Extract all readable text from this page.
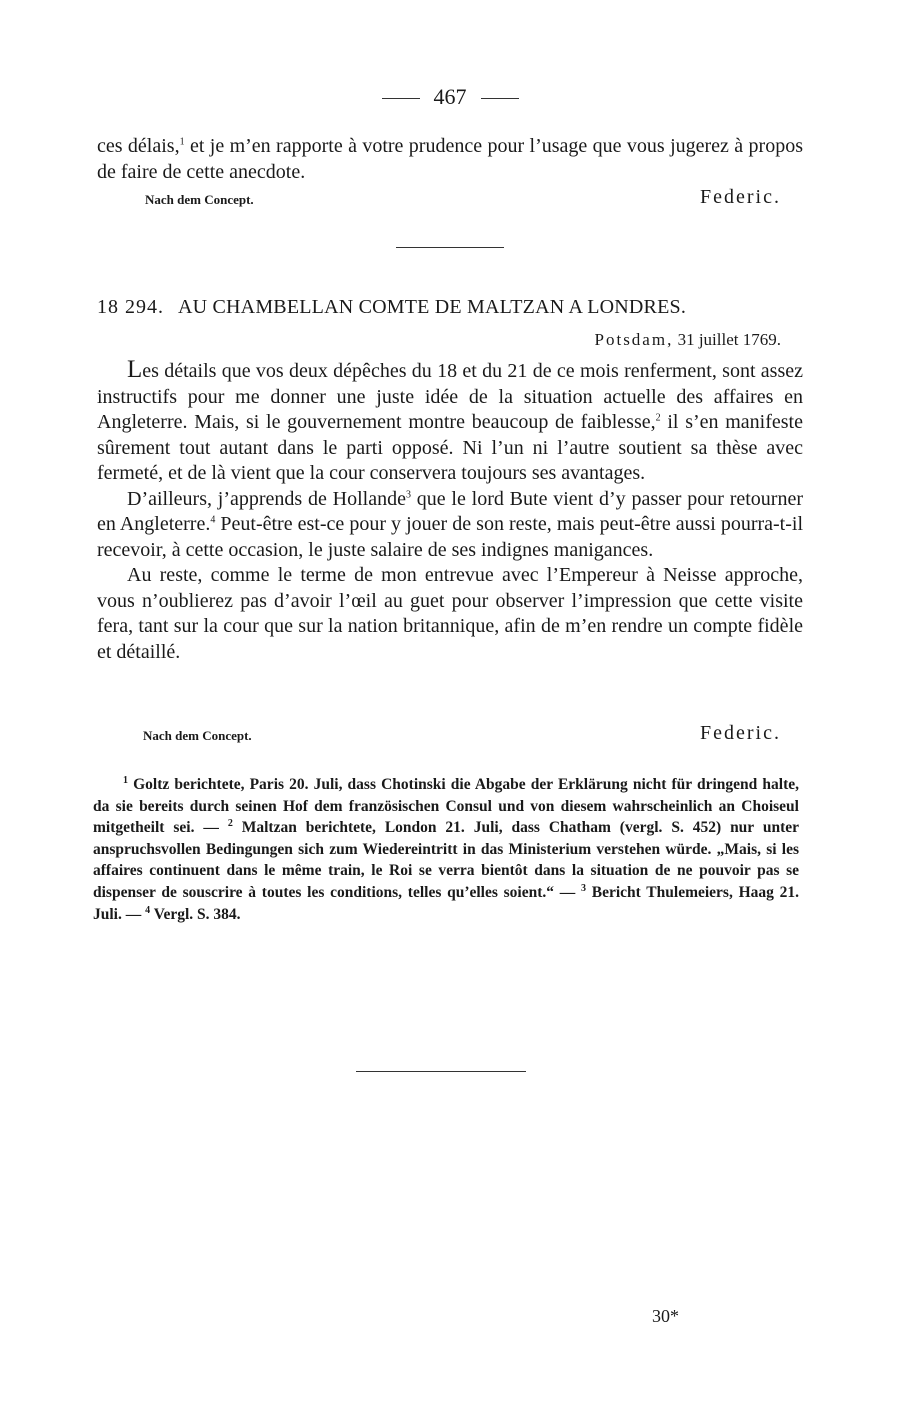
467

ces délais,$^1$ et je m’en rapporte à votre prudence pour l’usage que vous jugerez à propos de faire de cette anecdote.

Nach dem Concept.	Federic.
18 294. AU CHAMBELLAN COMTE DE MALTZAN A LONDRES.
Potsdam, 31 juillet 1769.

Les détails que vos deux dépêches du 18 et du 21 de ce mois renferment, sont assez instructifs pour me donner une juste idée de la situation actuelle des affaires en Angleterre. Mais, si le gouvernement montre beaucoup de faiblesse,$^2$ il s’en manifeste sûrement tout autant dans le parti opposé. Ni l’un ni l’autre soutient sa thèse avec fermeté, et de là vient que la cour conservera toujours ses avantages.

D’ailleurs, j’apprends de Hollande$^3$ que le lord Bute vient d’y passer pour retourner en Angleterre.$^4$ Peut-être est-ce pour y jouer de son reste, mais peut-être aussi pourra-t-il recevoir, à cette occasion, le juste salaire de ses indignes manigances.

Au reste, comme le terme de mon entrevue avec l’Empereur à Neisse approche, vous n’oublierez pas d’avoir l’œil au guet pour observer l’impression que cette visite fera, tant sur la cour que sur la nation britannique, afin de m’en rendre un compte fidèle et détaillé.

Nach dem Concept.	Federic.

$^1$ Goltz berichtete, Paris 20. Juli, dass Chotinski die Abgabe der Erklärung nicht für dringend halte, da sie bereits durch seinen Hof dem französischen Consul und von diesem wahrscheinlich an Choiseul mitgetheilt sei. — $^2$ Maltzan berichtete, London 21. Juli, dass Chatham (vergl. S. 452) nur unter anspruchsvollen Bedingungen sich zum Wiedereintritt in das Ministerium verstehen würde. „Mais, si les affaires continuent dans le même train, le Roi se verra bientôt dans la situation de ne pouvoir pas se dispenser de souscrire à toutes les conditions, telles qu’elles soient.“ — $^3$ Bericht Thulemeiers, Haag 21. Juli. — $^4$ Vergl. S. 384.

30*
